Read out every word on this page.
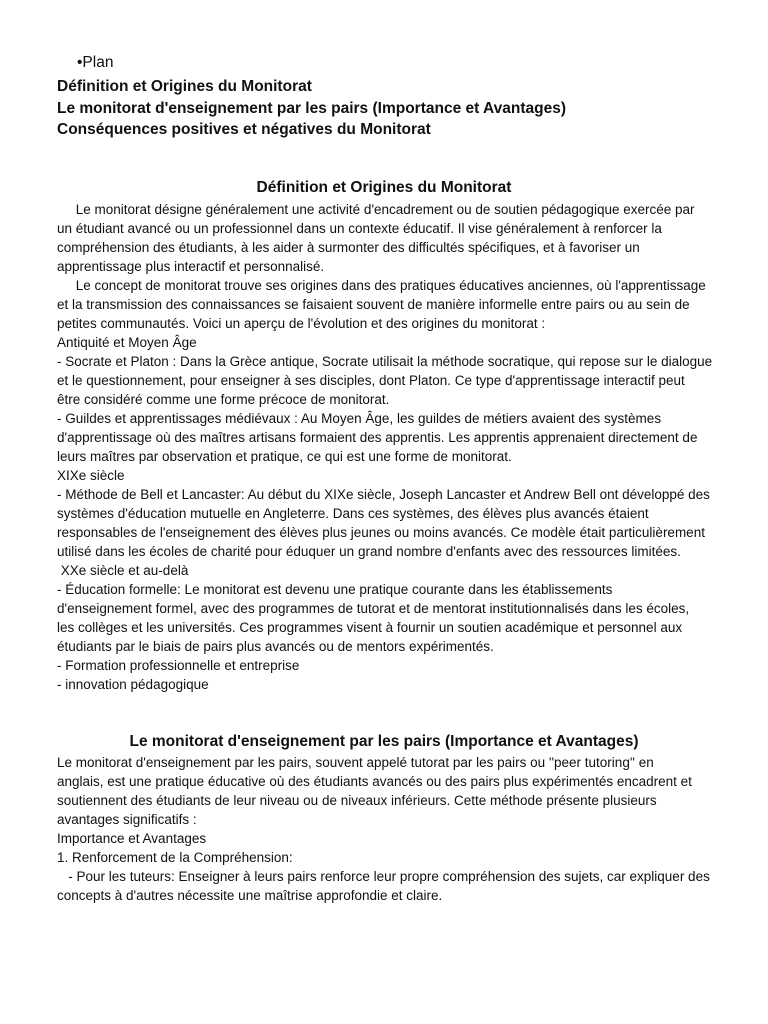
•Plan
Définition et Origines du Monitorat
Le monitorat d'enseignement par les pairs (Importance et Avantages)
Conséquences positives et négatives du Monitorat
Définition et Origines du Monitorat
Le monitorat désigne généralement une activité d'encadrement ou de soutien pédagogique exercée par
un étudiant avancé ou un professionnel dans un contexte éducatif. Il vise généralement à renforcer la
compréhension des étudiants, à les aider à surmonter des difficultés spécifiques, et à favoriser un
apprentissage plus interactif et personnalisé.
Le concept de monitorat trouve ses origines dans des pratiques éducatives anciennes, où l'apprentissage
et la transmission des connaissances se faisaient souvent de manière informelle entre pairs ou au sein de
petites communautés. Voici un aperçu de l'évolution et des origines du monitorat :
Antiquité et Moyen Âge
- Socrate et Platon : Dans la Grèce antique, Socrate utilisait la méthode socratique, qui repose sur le dialogue
et le questionnement, pour enseigner à ses disciples, dont Platon. Ce type d'apprentissage interactif peut
être considéré comme une forme précoce de monitorat.
- Guildes et apprentissages médiévaux : Au Moyen Âge, les guildes de métiers avaient des systèmes
d'apprentissage où des maîtres artisans formaient des apprentis. Les apprentis apprenaient directement de
leurs maîtres par observation et pratique, ce qui est une forme de monitorat.
XIXe siècle
- Méthode de Bell et Lancaster: Au début du XIXe siècle, Joseph Lancaster et Andrew Bell ont développé des
systèmes d'éducation mutuelle en Angleterre. Dans ces systèmes, des élèves plus avancés étaient
responsables de l'enseignement des élèves plus jeunes ou moins avancés. Ce modèle était particulièrement
utilisé dans les écoles de charité pour éduquer un grand nombre d'enfants avec des ressources limitées.
XXe siècle et au-delà
- Éducation formelle: Le monitorat est devenu une pratique courante dans les établissements
d'enseignement formel, avec des programmes de tutorat et de mentorat institutionnalisés dans les écoles,
les collèges et les universités. Ces programmes visent à fournir un soutien académique et personnel aux
étudiants par le biais de pairs plus avancés ou de mentors expérimentés.
- Formation professionnelle et entreprise
- innovation pédagogique
Le monitorat d'enseignement par les pairs (Importance et Avantages)
Le monitorat d'enseignement par les pairs, souvent appelé tutorat par les pairs ou ''peer tutoring'' en
anglais, est une pratique éducative où des étudiants avancés ou des pairs plus expérimentés encadrent et
soutiennent des étudiants de leur niveau ou de niveaux inférieurs. Cette méthode présente plusieurs
avantages significatifs :
Importance et Avantages
1. Renforcement de la Compréhension:
- Pour les tuteurs: Enseigner à leurs pairs renforce leur propre compréhension des sujets, car expliquer des
concepts à d'autres nécessite une maîtrise approfondie et claire.
